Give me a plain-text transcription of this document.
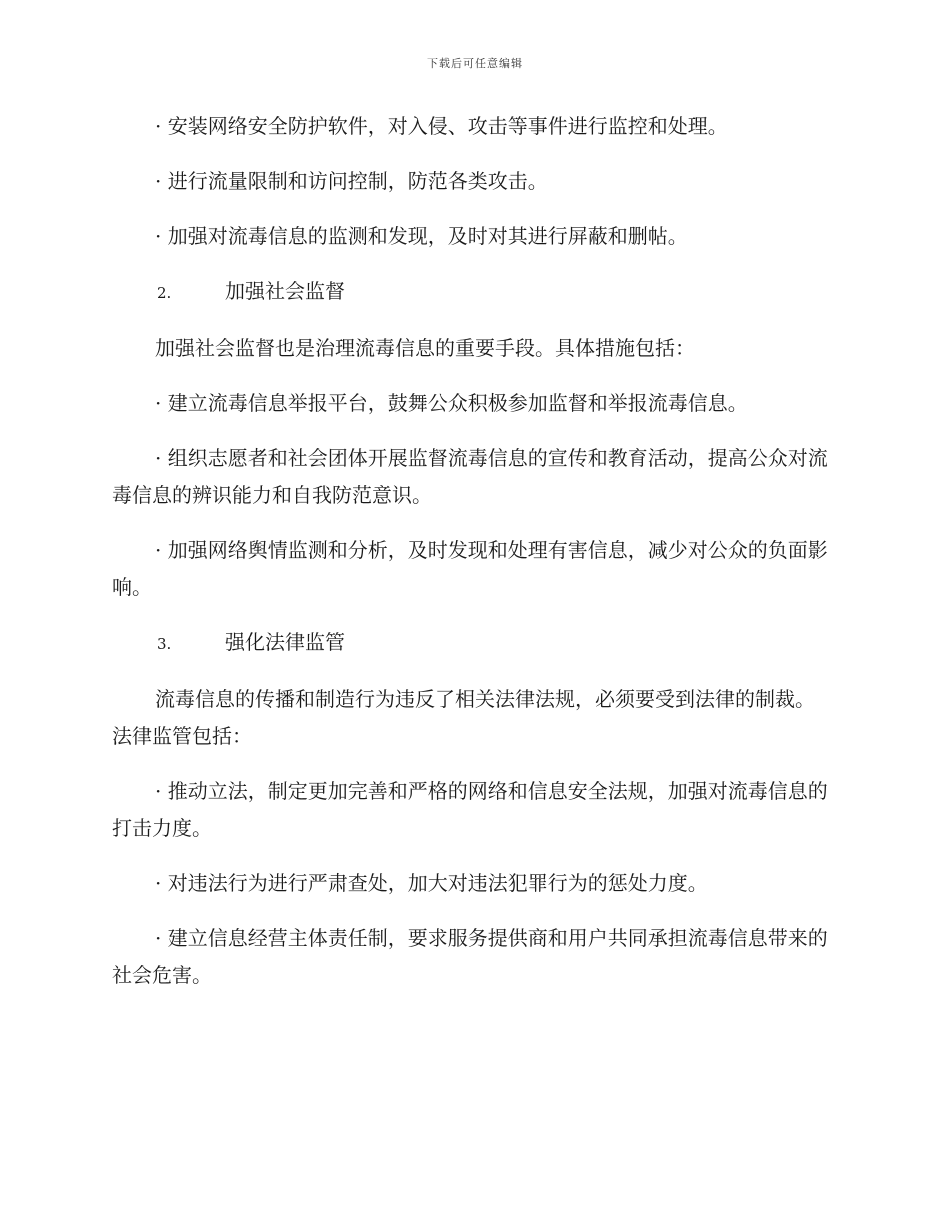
下载后可任意编辑

· 安装网络安全防护软件，对入侵、攻击等事件进行监控和处理。

· 进行流量限制和访问控制，防范各类攻击。

· 加强对流毒信息的监测和发现，及时对其进行屏蔽和删帖。

2.	加强社会监督

加强社会监督也是治理流毒信息的重要手段。具体措施包括：

· 建立流毒信息举报平台，鼓舞公众积极参加监督和举报流毒信息。

· 组织志愿者和社会团体开展监督流毒信息的宣传和教育活动，提高公众对流毒信息的辨识能力和自我防范意识。

· 加强网络舆情监测和分析，及时发现和处理有害信息，减少对公众的负面影响。

3.	强化法律监管

流毒信息的传播和制造行为违反了相关法律法规，必须要受到法律的制裁。法律监管包括：

· 推动立法，制定更加完善和严格的网络和信息安全法规，加强对流毒信息的打击力度。

· 对违法行为进行严肃查处，加大对违法犯罪行为的惩处力度。

· 建立信息经营主体责任制，要求服务提供商和用户共同承担流毒信息带来的社会危害。
